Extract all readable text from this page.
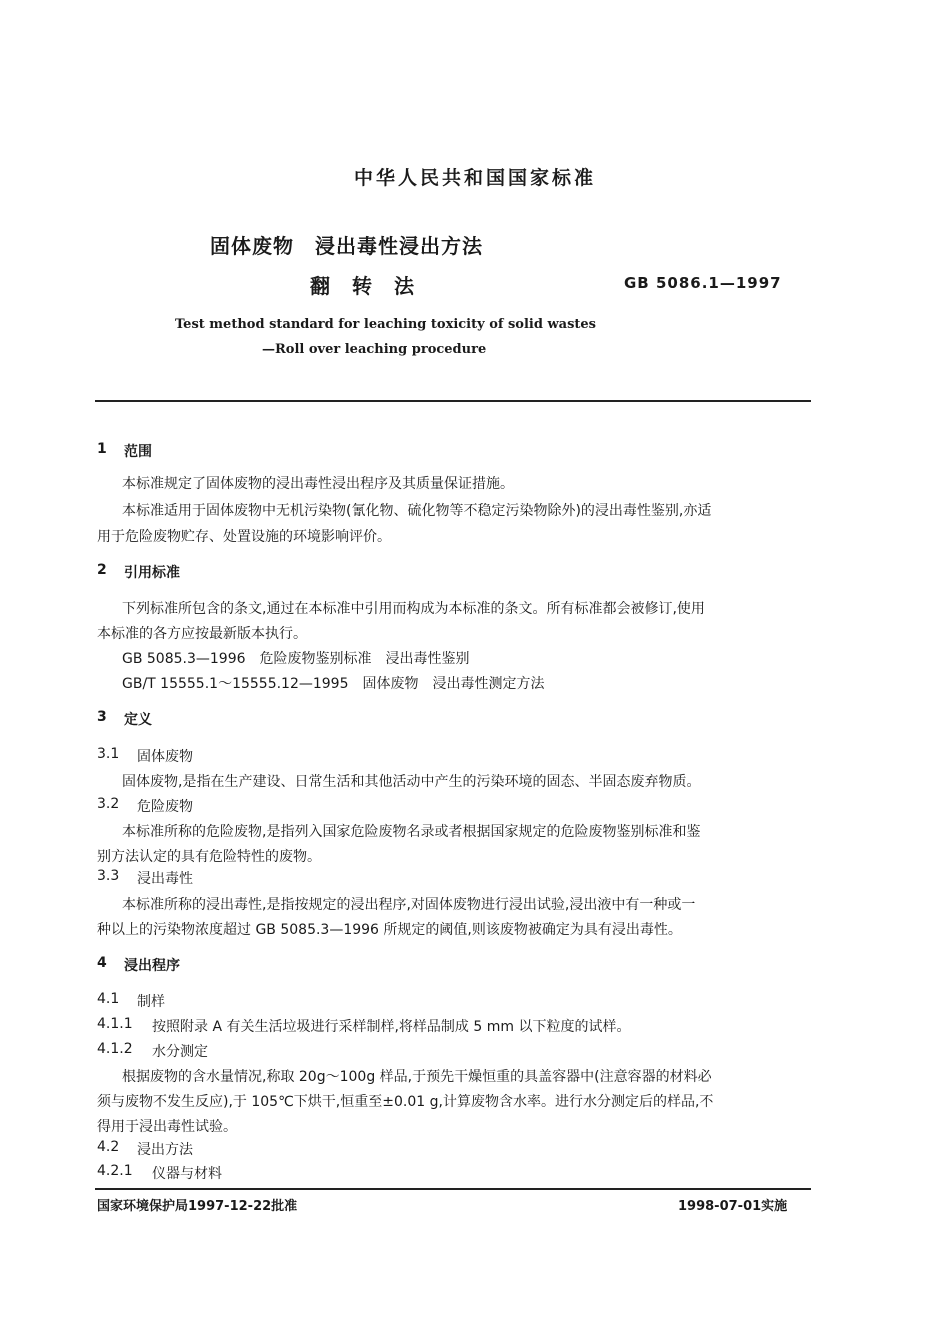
中华人民共和国国家标准
固体废物　浸出毒性浸出方法
翻转法	GB 5086.1—1997
Test method standard for leaching toxicity of solid wastes
—Roll over leaching procedure
1 范围
本标准规定了固体废物的浸出毒性浸出程序及其质量保证措施。
本标准适用于固体废物中无机污染物(氰化物、硫化物等不稳定污染物除外)的浸出毒性鉴别,亦适
用于危险废物贮存、处置设施的环境影响评价。
2 引用标准
下列标准所包含的条文,通过在本标准中引用而构成为本标准的条文。所有标准都会被修订,使用
本标准的各方应按最新版本执行。
GB 5085.3—1996　危险废物鉴别标准　浸出毒性鉴别
GB/T 15555.1～15555.12—1995　固体废物　浸出毒性测定方法
3 定义
3.1 固体废物
固体废物,是指在生产建设、日常生活和其他活动中产生的污染环境的固态、半固态废弃物质。
3.2 危险废物
本标准所称的危险废物,是指列入国家危险废物名录或者根据国家规定的危险废物鉴别标准和鉴
别方法认定的具有危险特性的废物。
3.3 浸出毒性
本标准所称的浸出毒性,是指按规定的浸出程序,对固体废物进行浸出试验,浸出液中有一种或一
种以上的污染物浓度超过 GB 5085.3—1996 所规定的阈值,则该废物被确定为具有浸出毒性。
4 浸出程序
4.1 制样
4.1.1 按照附录 A 有关生活垃圾进行采样制样,将样品制成 5 mm 以下粒度的试样。
4.1.2 水分测定
根据废物的含水量情况,称取 20g～100g 样品,于预先干燥恒重的具盖容器中(注意容器的材料必
须与废物不发生反应),于 105℃下烘干,恒重至±0.01 g,计算废物含水率。进行水分测定后的样品,不
得用于浸出毒性试验。
4.2 浸出方法
4.2.1 仪器与材料
国家环境保护局1997-12-22批准	1998-07-01实施
